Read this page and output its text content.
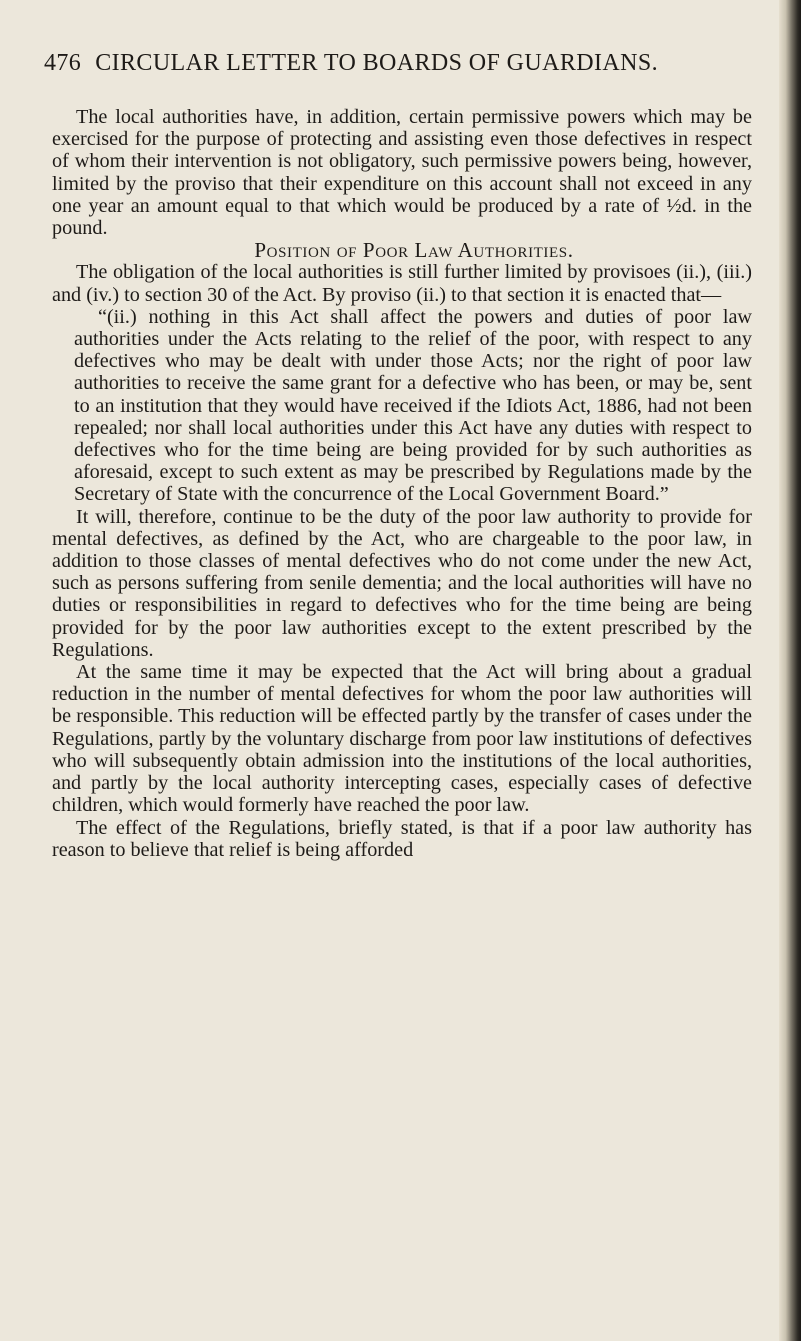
476 CIRCULAR LETTER TO BOARDS OF GUARDIANS.

The local authorities have, in addition, certain permissive powers which may be exercised for the purpose of protecting and assisting even those defectives in respect of whom their intervention is not obligatory, such permissive powers being, however, limited by the proviso that their expenditure on this account shall not exceed in any one year an amount equal to that which would be produced by a rate of ½d. in the pound.

Position of Poor Law Authorities.

The obligation of the local authorities is still further limited by provisoes (ii.), (iii.) and (iv.) to section 30 of the Act. By proviso (ii.) to that section it is enacted that—

“(ii.) nothing in this Act shall affect the powers and duties of poor law authorities under the Acts relating to the relief of the poor, with respect to any defectives who may be dealt with under those Acts; nor the right of poor law authorities to receive the same grant for a defective who has been, or may be, sent to an institution that they would have received if the Idiots Act, 1886, had not been repealed; nor shall local authorities under this Act have any duties with respect to defectives who for the time being are being provided for by such authorities as aforesaid, except to such extent as may be prescribed by Regulations made by the Secretary of State with the concurrence of the Local Government Board.”

It will, therefore, continue to be the duty of the poor law authority to provide for mental defectives, as defined by the Act, who are chargeable to the poor law, in addition to those classes of mental defectives who do not come under the new Act, such as persons suffering from senile dementia; and the local authorities will have no duties or responsibilities in regard to defectives who for the time being are being provided for by the poor law authorities except to the extent prescribed by the Regulations.

At the same time it may be expected that the Act will bring about a gradual reduction in the number of mental defectives for whom the poor law authorities will be responsible. This reduction will be effected partly by the transfer of cases under the Regulations, partly by the voluntary discharge from poor law institutions of defectives who will subsequently obtain admission into the institutions of the local authorities, and partly by the local authority intercepting cases, especially cases of defective children, which would formerly have reached the poor law.

The effect of the Regulations, briefly stated, is that if a poor law authority has reason to believe that relief is being afforded
